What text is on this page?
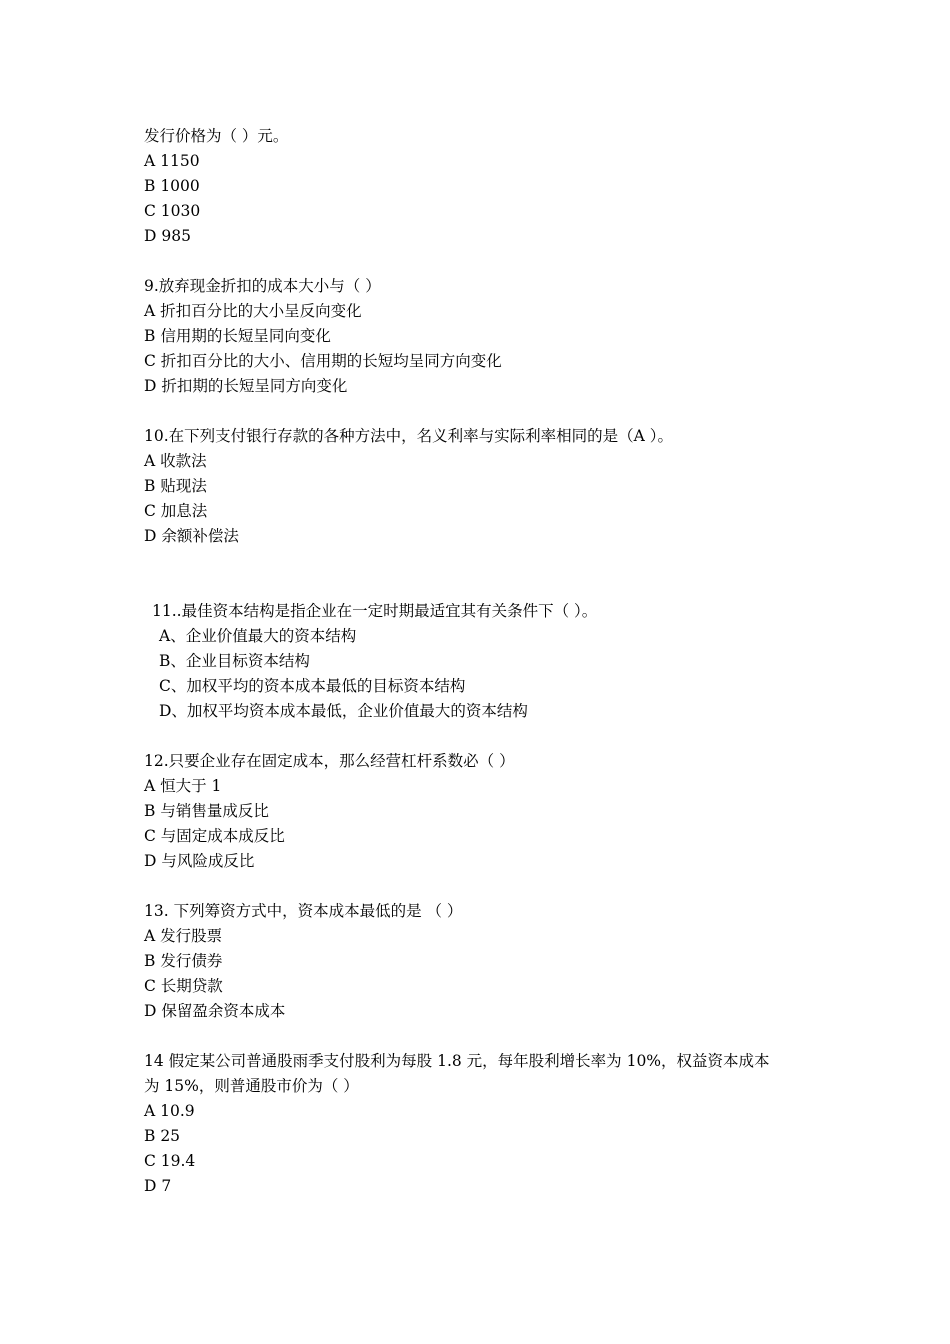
发行价格为（ ）元。
A 1150
B 1000
C 1030
D 985
9.放弃现金折扣的成本大小与（ ）
A 折扣百分比的大小呈反向变化
B 信用期的长短呈同向变化
C 折扣百分比的大小、信用期的长短均呈同方向变化
D 折扣期的长短呈同方向变化
10.在下列支付银行存款的各种方法中，名义利率与实际利率相同的是（A ）。
A 收款法
B 贴现法
C 加息法
D 余额补偿法
11..最佳资本结构是指企业在一定时期最适宜其有关条件下（ ）。
A、企业价值最大的资本结构
B、企业目标资本结构
C、加权平均的资本成本最低的目标资本结构
D、加权平均资本成本最低，企业价值最大的资本结构
12.只要企业存在固定成本，那么经营杠杆系数必（ ）
A 恒大于 1
B 与销售量成反比
C 与固定成本成反比
D 与风险成反比
13. 下列筹资方式中，资本成本最低的是 （ ）
A 发行股票
B 发行债券
C 长期贷款
D 保留盈余资本成本
14 假定某公司普通股雨季支付股利为每股 1.8 元，每年股利增长率为 10%，权益资本成本
为 15%，则普通股市价为（ ）
A 10.9
B 25
C 19.4
D 7
